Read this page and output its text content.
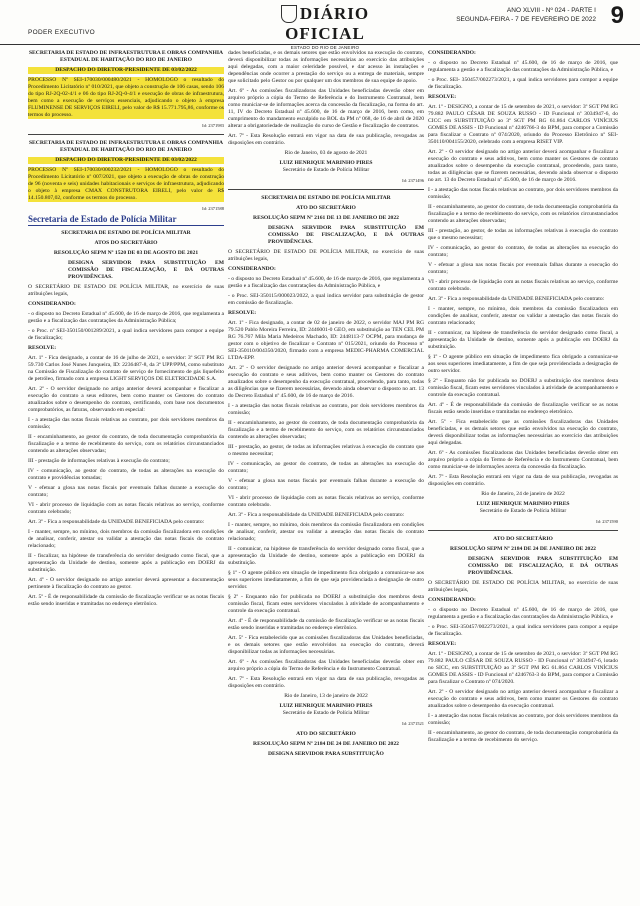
PODER EXECUTIVO
DIÁRIO OFICIAL
ESTADO DO RIO DE JANEIRO
ANO XLVIII - Nº 024 - PARTE I
SEGUNDA-FEIRA - 7 DE FEVEREIRO DE 2022 9

SECRETARIA DE ESTADO DE INFRAESTRUTURA E OBRAS COMPANHIA ESTADUAL DE HABITAÇÃO DO RIO DE JANEIRO

DESPACHO DO DIRETOR-PRESIDENTE DE 03/02/2022

PROCESSO Nº SEI-170030/000480/2021 - HOMOLOGO o resultado do Procedimento Licitatório nº 010/2021, que objeto a construção de 106 casas, sendo 106 do tipo RJ-2Q-02-4/1 e 06 do tipo RJ-2Q-0-4/1 e execução de obras de infraestrutura, bem como a execução de serviços essenciais, adjudicando o objeto à empresa FLUMINENSE DE SERVIÇOS EIRELI, pelo valor de R$ 15.771.795,86, conforme os termos do processo.

Id: 2371983

SECRETARIA DE ESTADO DE INFRAESTRUTURA E OBRAS COMPANHIA ESTADUAL DE HABITAÇÃO DO RIO DE JANEIRO

DESPACHO DO DIRETOR-PRESIDENTE DE 03/02/2022

PROCESSO Nº SEI-170030/000232/2021 - HOMOLOGO o resultado do Procedimento Licitatório nº 007/2021, que objeto a execução de obras de construção de 96 (noventa e seis) unidades habitacionais e serviços de infraestrutura, adjudicando o objeto à empresa CMAX CONSTRUTORA EIRELI, pelo valor de R$ 14.150.807,02, conforme os termos do processo.

Id: 2371588
Secretaria de Estado de Polícia Militar

SECRETARIA DE ESTADO DE POLÍCIA MILITAR

ATOS DO SECRETÁRIO

RESOLUÇÃO SEPM Nº 1520 DE 03 DE AGOSTO DE 2021

DESIGNA SERVIDOR PARA SUBSTITUIÇÃO EM COMISSÃO DE FISCALIZAÇÃO, E DÁ OUTRAS PROVIDÊNCIAS.

O SECRETÁRIO DE ESTADO DE POLÍCIA MILITAR, no exercício de suas atribuições legais,

CONSIDERANDO:

- o disposto no Decreto Estadual nº 45.600, de 16 de março de 2016, que regulamenta a gestão e a fiscalização das contratações da Administração Pública;

- o Proc. nº SEI-350150/001289/2021, a qual indica servidores para compor a equipe de fiscalização;

RESOLVE:

Art. 1º - Fica designado, a contar de 16 de julho de 2021, o servidor: 3º SGT PM RG 59.730 Carlos José Nunes Junqueira, ID: 2236487-8, da 3ª UPP/PPM, como substituto na Comissão de Fiscalização do contrato de serviço de fornecimento de gás liquefeito de petróleo, firmado com a empresa LIGHT SERVIÇOS DE ELETRICIDADE S.A.

Art. 2º - O servidor designado no artigo anterior deverá acompanhar e fiscalizar a execução do contrato a seus editores, bem como manter os Gestores do contrato atualizados sobre o desempenho do contrato, certificando, com base nos documentos comprobatórios, as faturas, observando em especial:

I - a atestação das notas fiscais relativas ao contrato, por dois servidores membros da comissão;

II - encaminhamento, ao gestor do contrato, de toda documentação comprobatória da fiscalização e a termo de recebimento do serviço, com os relatórios circunstanciados contendo as alterações observadas;

III - prestação de informações relativas à execução do contrato;

IV - comunicação, ao gestor do contrato, de todas as alterações na execução do contrato e providências tomadas;

V - efetuar a glosa nas notas fiscais por eventuais falhas durante a execução do contrato;

VI - abrir processo de liquidação com as notas fiscais relativas ao serviço, conforme contrato celebrado;

Art. 3º - Fica a responsabilidade da UNIDADE BENEFICIADA pelo contrato:

I - manter, sempre, no mínimo, dois membros da comissão fiscalizadora em condições de analisar, conferir, atestar ou validar a atestação das notas fiscais do contrato relacionado;

II - fiscalizar, na hipótese de transferência do servidor designado como fiscal, que a apresentação da Unidade de destino, somente após a publicação em DOERJ da substituição.

Art. 4º - O servidor designado no artigo anterior deverá apresentar a documentação pertinente à fiscalização do contrato ao gestor.

Art. 5º - É de responsabilidade da comissão de fiscalização verificar se as notas fiscais estão sendo inseridas e tramitadas no endereço eletrônico.

dades beneficiadas, e os demais setores que estão envolvidos na execução do contrato, deverá disponibilizar todas as informações necessárias ao exercício das atribuições aqui delegadas, com a maior celeridade possível, e dar acesso às instalações e dependências onde ocorrer a prestação do serviço ou a entrega de materiais, sempre que solicitado pelo Gestor ou por qualquer um dos membros de sua equipe de apoio.

Art. 6º - As comissões fiscalizadoras das Unidades beneficiadas deverão obter em arquivo próprio a cópia do Termo de Referência e do Instrumento Contratual, bem como municiar-se de informações acerca da concessão da fiscalização, na forma do art. 11, IV do Decreto Estadual nº 45.600, de 16 de março de 2016, bem como, em cumprimento do mandamento esculpido no BOL da PM nº 068, de 16 de abril de 2020 alterar a obrigatoriedade de realização do curso de Gestão e fiscalização de contratos.

Art. 7º - Esta Resolução entrará em vigor na data de sua publicação, revogadas as disposições em contrário.

Rio de Janeiro, 03 de agosto de 2021

LUIZ HENRIQUE MARINHO PIRES

Secretário de Estado de Polícia Militar

Id: 2371496

SECRETARIA DE ESTADO DE POLÍCIA MILITAR

ATO DO SECRETÁRIO

RESOLUÇÃO SEPM Nº 2161 DE 13 DE JANEIRO DE 2022

DESIGNA SERVIDOR PARA SUBSTITUIÇÃO EM COMISSÃO DE FISCALIZAÇÃO, E DÁ OUTRAS PROVIDÊNCIAS.

O SECRETÁRIO DE ESTADO DE POLÍCIA MILITAR, no exercício de suas atribuições legais,

CONSIDERANDO:

- o disposto no Decreto Estadual nº 45.600, de 16 de março de 2016, que regulamenta a gestão e a fiscalização das contratações da Administração Pública, e

- o Proc. SEI-350115/000023/2022, a qual indica servidor para substituição de gestor em comissão de fiscalização.

RESOLVE:

Art. 1º - Fica designado, a contar de 02 de janeiro de 2022, o servidor MAJ PM RG 79.520 Pablo Moreira Ferreira, ID: 2446001-0 GEO, em substituição ao TEN CEL PM RG 76.767 Mila Maria Medeiros Machado, ID: 2448113-7 OCPM, para mudança de gestor com o objetivo de fiscalizar o Contrato nº 015/2021, oriundo do Processo nº SEI-350110/004350/2020, firmado com a empresa MEDIC-PHARMA COMERCIAL LTDA-EPP.

Art. 2º - O servidor designado no artigo anterior deverá acompanhar e fiscalizar a execução do contrato e seus aditivos, bem como manter os Gestores do contrato atualizados sobre o desempenho da execução contratual, procedendo, para tanto, todas as diligências que se fizerem necessárias, devendo ainda observar o disposto no art. 13 do Decreto Estadual nº 45.600, de 16 de março de 2016.

I - a atestação das notas fiscais relativas ao contrato, por dois servidores membros da comissão;

II - encaminhamento, ao gestor do contrato, de toda documentação comprobatória da fiscalização e a termo de recebimento do serviço, com os relatórios circunstanciados contendo as alterações observadas;

III - prestação, ao gestor, de todas as informações relativas à execução do contrato que o mesmo necessitar;

IV - comunicação, ao gestor do contrato, de todas as alterações na execução do contrato;

V - efetuar a glosa nas notas fiscais por eventuais falhas durante a execução do contrato;

VI - abrir processo de liquidação com as notas fiscais relativas ao serviço, conforme contrato celebrado.

Art. 3º - Fica a responsabilidade da UNIDADE BENEFICIADA pelo contrato:

I - manter, sempre, no mínimo, dois membros da comissão fiscalizadora em condições de analisar, conferir, atestar ou validar a atestação das notas fiscais do contrato relacionado;

II - comunicar, na hipótese de transferência do servidor designado como fiscal, que a apresentação da Unidade de destino, somente após a publicação em DOERJ da substituição.

§ 1º - O agente público em situação de impedimento fica obrigado a comunicar-se aos seus superiores imediatamente, a fim de que seja providenciada a designação de outro servidor.

§ 2º - Enquanto não for publicada no DOERJ a substituição dos membros desta comissão fiscal, ficam estes servidores vinculados à atividade de acompanhamento e controle da execução contratual.

Art. 4º - É de responsabilidade da comissão de fiscalização verificar se as notas fiscais estão sendo inseridas e tramitadas no endereço eletrônico.

Art. 5º - Fica estabelecido que as comissões fiscalizadoras das Unidades beneficiadas, e os demais setores que estão envolvidos na execução do contrato, deverá disponibilizar todas as informações necessárias.

Art. 6º - As comissões fiscalizadoras das Unidades beneficiadas deverão obter em arquivo próprio a cópia do Termo de Referência e do Instrumento Contratual.

Art. 7º - Esta Resolução entrará em vigor na data de sua publicação, revogadas as disposições em contrário.

Rio de Janeiro, 13 de janeiro de 2022

LUIZ HENRIQUE MARINHO PIRES

Secretário de Estado de Polícia Militar

Id: 2371521

ATO DO SECRETÁRIO

RESOLUÇÃO SEPM Nº 2184 DE 24 DE JANEIRO DE 2022

DESIGNA SERVIDOR PARA SUBSTITUIÇÃO

CONSIDERANDO:

- o disposto no Decreto Estadual nº 45.600, de 16 de março de 2016, que regulamenta a gestão e a fiscalização das contratações da Administração Pública, e

- o Proc. SEI- 350457/002273/2021, a qual indica servidores para compor a equipe de fiscalização.

RESOLVE:

Art. 1º - DESIGNO, a contar de 15 de setembro de 2021, o servidor: 3º SGT PM RG 79.882 PAULO CÉSAR DE SOUZA RUSSO - ID Funcional nº 3034947-6, do CICC em SUBSTITUIÇÃO ao 3º SGT PM RG 61.864 CARLOS VINÍCIUS GOMES DE ASSIS - ID Funcional nº 4246766-3 do BPM, para compor a Comissão para fiscalizar o Contrato nº 074/2020, oriundo do Processo Eletrônico nº SEI-350110/004155/2020, celebrado com a empresa RISET VIP.

Art. 2º - O servidor designado no artigo anterior deverá acompanhar e fiscalizar a execução do contrato e seus aditivos, bem como manter os Gestores de contrato atualizados sobre o desempenho da execução contratual, procedendo, para tanto, todas as diligências que se fizerem necessárias, devendo ainda observar o disposto no art. 13 do Decreto Estadual nº 45.600, de 16 de março de 2016.

I - a atestação das notas fiscais relativas ao contrato, por dois servidores membros da comissão;

II - encaminhamento, ao gestor do contrato, de toda documentação comprobatória da fiscalização e a termo de recebimento do serviço, com os relatórios circunstanciados contendo as alterações observadas;

III - prestação, ao gestor, de todas as informações relativas à execução do contrato que o mesmo necessitar;

IV - comunicação, ao gestor do contrato, de todas as alterações na execução do contrato;

V - efetuar a glosa nas notas fiscais por eventuais falhas durante a execução do contrato;

VI - abrir processo de liquidação com as notas fiscais relativas ao serviço, conforme contrato celebrado.

Art. 3º - Fica a responsabilidade da UNIDADE BENEFICIADA pelo contrato:

I - manter, sempre, no mínimo, dois membros da comissão fiscalizadora em condições de analisar, conferir, atestar ou validar a atestação das notas fiscais do contrato relacionado;

II - comunicar, na hipótese de transferência do servidor designado como fiscal, a apresentação da Unidade de destino, somente após a publicação em DOERJ da substituição.

§ 1º - O agente público em situação de impedimento fica obrigado a comunicar-se aos seus superiores imediatamente, a fim de que seja providenciada a designação de outro servidor.

§ 2º - Enquanto não for publicada no DOERJ a substituição dos membros desta comissão fiscal, ficam estes servidores vinculados à atividade de acompanhamento e controle da execução contratual.

Art. 4º - É de responsabilidade da comissão de fiscalização verificar se as notas fiscais estão sendo inseridas e tramitadas no endereço eletrônico.

Art. 5º - Fica estabelecido que as comissões fiscalizadoras das Unidades beneficiadas, e os demais setores que estão envolvidos na execução do contrato, deverá disponibilizar todas as informações necessárias ao exercício das atribuições aqui delegadas.

Art. 6º - As comissões fiscalizadoras das Unidades beneficiadas deverão obter em arquivo próprio a cópia do Termo de Referência e do Instrumento Contratual, bem como municiar-se de informações acerca da concessão da fiscalização.

Art. 7º - Esta Resolução entrará em vigor na data de sua publicação, revogadas as disposições em contrário.

Rio de Janeiro, 24 de janeiro de 2022

LUIZ HENRIQUE MARINHO PIRES

Secretário de Estado de Polícia Militar

Id: 2371590

ATO DO SECRETÁRIO

RESOLUÇÃO SEPM Nº 2184 DE 24 DE JANEIRO DE 2022

DESIGNA SERVIDOR PARA SUBSTITUIÇÃO EM COMISSÃO DE FISCALIZAÇÃO, E DÁ OUTRAS PROVIDÊNCIAS.

O SECRETÁRIO DE ESTADO DE POLÍCIA MILITAR, no exercício de suas atribuições legais,

CONSIDERANDO:

- o disposto no Decreto Estadual nº 45.600, de 16 de março de 2016, que regulamenta a gestão e a fiscalização das contratações da Administração Pública, e

- o Proc. SEI-350457/002273/2021, a qual indica servidores para compor a equipe de fiscalização.

RESOLVE:

Art. 1º - DESIGNO, a contar de 15 de setembro de 2021, o servidor: 3º SGT PM RG 79.882 PAULO CÉSAR DE SOUZA RUSSO - ID Funcional nº 3034947-6, lotado no SICC, em SUBSTITUIÇÃO ao 3º SGT PM RG 61.864 CARLOS VINÍCIUS GOMES DE ASSIS - ID Funcional nº 4246763-3 do BPM, para compor a Comissão para fiscalizar o Contrato nº 074/2020.

Art. 2º - O servidor designado no artigo anterior deverá acompanhar e fiscalizar a execução do contrato e seus aditivos, bem como manter os Gestores do contrato atualizados sobre o desempenho da execução contratual.

I - a atestação das notas fiscais relativas ao contrato, por dois servidores membros da comissão;

II - encaminhamento, ao gestor do contrato, de toda documentação comprobatória da fiscalização e a termo de recebimento do serviço.
